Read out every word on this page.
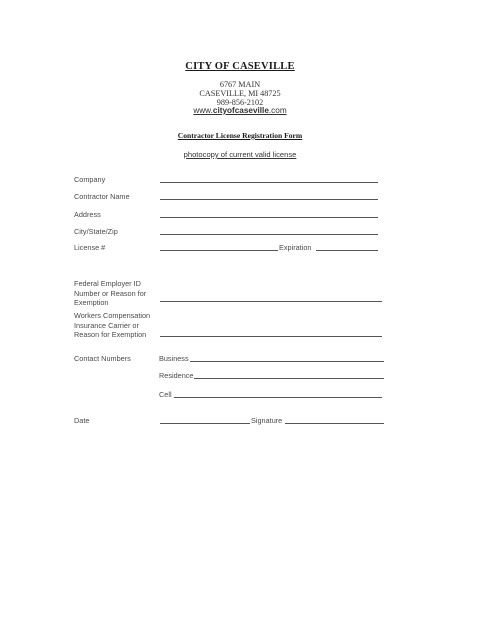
CITY OF CASEVILLE
6767 MAIN
CASEVILLE, MI 48725
989-856-2102
www.cityofcaseville.com
Contractor License Registration Form
photocopy of current valid license
Company
Contractor Name
Address
City/State/Zip
License #	Expiration
Federal Employer ID
Number or Reason for
Exemption
Workers Compensation
Insurance Carrier or
Reason for Exemption
Contact Numbers	Business
Residence
Cell
Date	Signature
